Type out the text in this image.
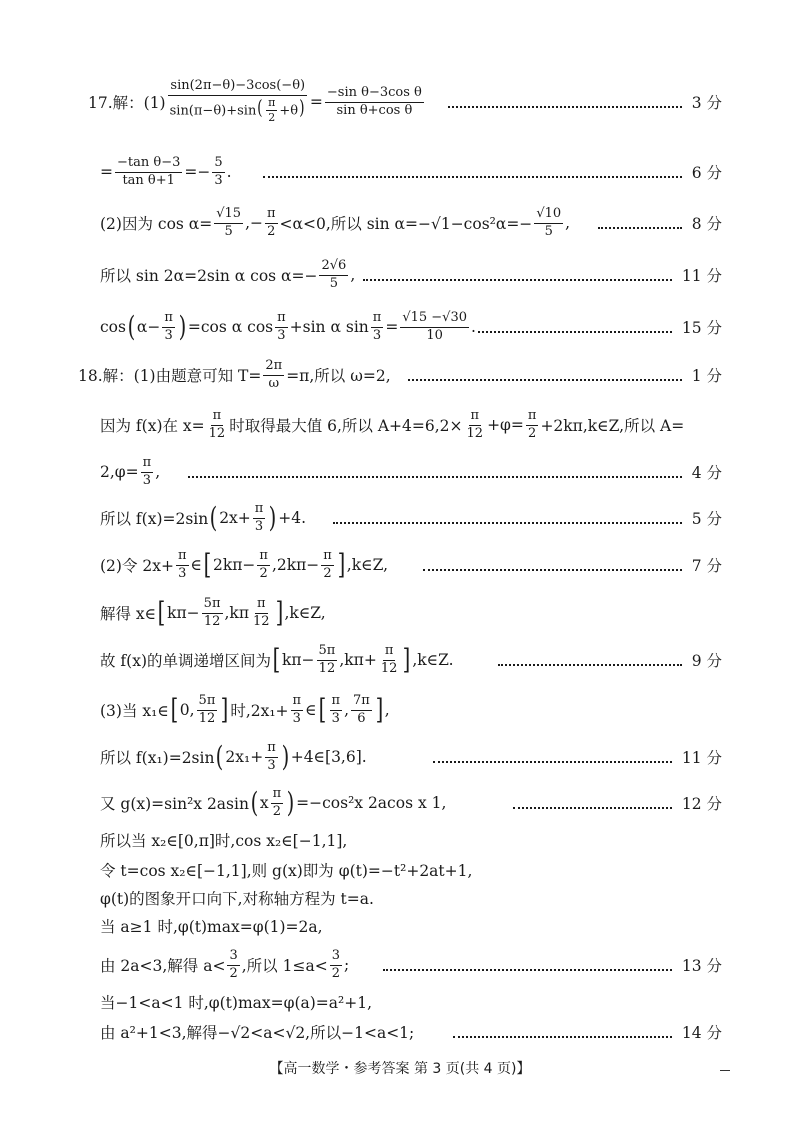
17.解：$(1) \frac{\sin(2\pi-\theta)-3\cos(-\theta)}{\sin(\pi-\theta)+\sin( \frac{\pi}{2} +\theta)} = \frac{\text{−sin θ−3cos θ}}{\text{sin θ+cos θ}}$	3 分
= $\frac{\text{−tan θ−3}}{\text{tan θ+1}} =- \frac{5}{3}$ .	6 分
(2)因为 $\cos \alpha= \frac{√15}{5}$ ,− $\frac{\pi}{2} <\alpha<0$,所以 $\sin \alpha=-√1-\cos^2\alpha=- \frac{√10}{5}$ ,	8 分
所以 sin 2α=2sin α $\cos \alpha=- \frac{2√6}{5}$ ,	11 分
cos ( $\alpha- \frac{\pi}{3}$ ) =cos α $\cos \frac{\pi}{3} +\sin$ α $\sin \frac{\pi}{3} = \frac{√15 -√30}{10}$ .	15 分
18.解：(1)由题意可知 $T= \frac{2\pi}{\omega} =\pi$,所以 ω=2,	1 分
因为 f(x)在 $x= \frac{\pi}{12}$ 时取得最大值 6,所以 $A+4=6,2\times \frac{\pi}{12} +\varphi= \frac{\pi}{2}$ +2kπ,k∈Z,所以 A=
$2,\varphi= \frac{\pi}{3}$ ,	4 分
所以 f(x)=2sin ( $2x+ \frac{\pi}{3}$ ) +4.	5 分
(2)令 $2x+ \frac{\pi}{3}$ ∈ [ $2k\pi- \frac{\pi}{2} ,2k\pi- \frac{\pi}{2}$ ] ,k∈Z,	7 分
解得 x∈ [ $k\pi- \frac{5\pi}{12} ,k\pi \frac{\pi}{12}$ ] ,k∈Z,
故 f(x)的单调递增区间为 [ $k\pi- \frac{5\pi}{12} ,k\pi+ \frac{\pi}{12}$ ] ,k∈Z.	9 分
(3)当 x₁∈ [ 0, $\frac{5\pi}{12}$ ] 时$,2x_1+ \frac{\pi}{3}$ ∈ [ $\frac{\pi}{3}$ , $\frac{7\pi}{6}$ ] ,
所以 f(x₁)=2sin ( $2x_1+ \frac{\pi}{3}$ ) +4∈[3,6].	11 分
又 g(x)=sin²x 2asin ( x $\frac{\pi}{2}$ ) =−cos²x 2acos x 1,	12 分
所以当 x₂∈[0,π]时,cos x₂∈[−1,1],
令 t=cos x₂∈[−1,1],则 g(x)即为 φ(t)=−t²+2at+1,
φ(t)的图象开口向下,对称轴方程为 t=a.
当 a≥1 时,φ(t)max=φ(1)=2a,
由 2a<3,解得 $a< \frac{3}{2}$ ,所以 $1\le a< \frac{3}{2}$ ;	13 分
当−1<a<1 时,φ(t)max=φ(a)=a²+1,
由 a²+1<3,解得−√2<a<√2,所以−1<a<1;	14 分
【高一数学・参考答案 第 3 页(共 4 页)】
